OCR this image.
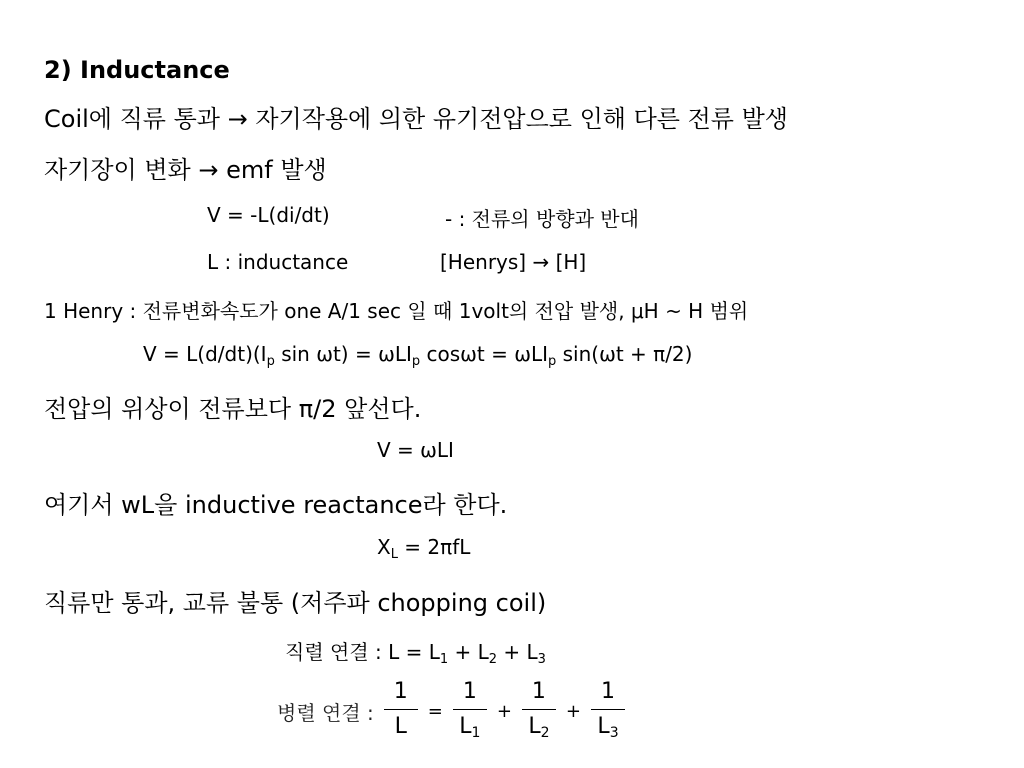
2) Inductance
Coil에 직류 통과 → 자기작용에 의한 유기전압으로 인해 다른 전류 발생
자기장이 변화 → emf 발생
V = -L(di/dt)	- : 전류의 방향과 반대
L : inductance	[Henrys] → [H]
1 Henry : 전류변화속도가 one A/1 sec 일 때 1volt의 전압 발생, μH ~ H 범위
$V = L(d/dt)(I_p$ sin ωt) = ωLI$_p$ cosωt = ωLI$_p$ sin(ωt + π/2)
전압의 위상이 전류보다 π/2 앞선다.
V = ωLI
여기서 wL을 inductive reactance라 한다.
$X_L = 2\pi fL$
직류만 통과, 교류 불통 (저주파 chopping coil)
직렬 연결 : $L = L_1 + L_2 + L_3$
병렬 연결 : $\frac{1}{L} = \frac{1}{L_1} + \frac{1}{L_2} + \frac{1}{L_3}$
